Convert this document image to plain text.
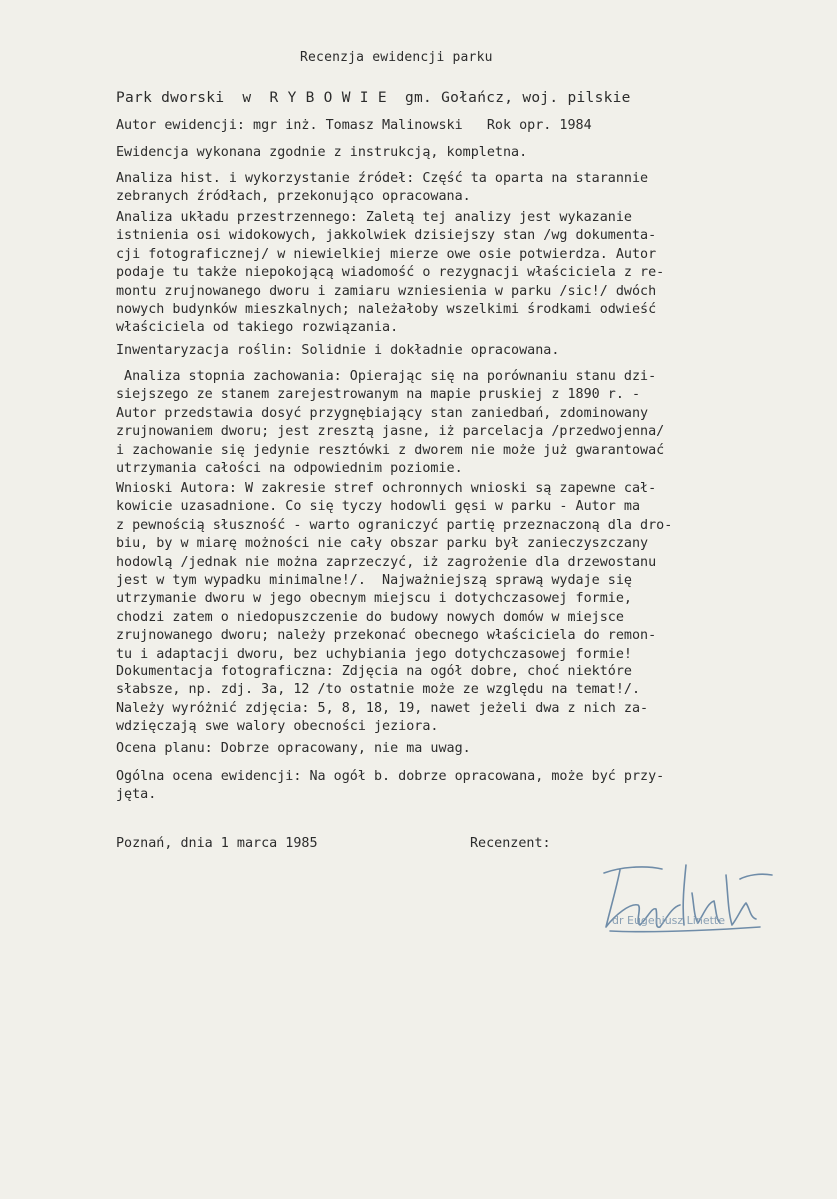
Recenzja ewidencji parku
Park dworski  w  R Y B O W I E  gm. Gołańcz, woj. pilskie
Autor ewidencji: mgr inż. Tomasz Malinowski   Rok opr. 1984
Ewidencja wykonana zgodnie z instrukcją, kompletna.
Analiza hist. i wykorzystanie źródeł: Część ta oparta na starannie
zebranych źródłach, przekonująco opracowana.
Analiza układu przestrzennego: Zaletą tej analizy jest wykazanie
istnienia osi widokowych, jakkolwiek dzisiejszy stan /wg dokumenta-
cji fotograficznej/ w niewielkiej mierze owe osie potwierdza. Autor
podaje tu także niepokojącą wiadomość o rezygnacji właściciela z re-
montu zrujnowanego dworu i zamiaru wzniesienia w parku /sic!/ dwóch
nowych budynków mieszkalnych; należałoby wszelkimi środkami odwieść
właściciela od takiego rozwiązania.
Inwentaryzacja roślin: Solidnie i dokładnie opracowana.
Analiza stopnia zachowania: Opierając się na porównaniu stanu dzi-
siejszego ze stanem zarejestrowanym na mapie pruskiej z 1890 r. -
Autor przedstawia dosyć przygnębiający stan zaniedbań, zdominowany
zrujnowaniem dworu; jest zresztą jasne, iż parcelacja /przedwojenna/
i zachowanie się jedynie resztówki z dworem nie może już gwarantować
utrzymania całości na odpowiednim poziomie.
Wnioski Autora: W zakresie stref ochronnych wnioski są zapewne cał-
kowicie uzasadnione. Co się tyczy hodowli gęsi w parku - Autor ma
z pewnością słuszność - warto ograniczyć partię przeznaczoną dla dro-
biu, by w miarę możności nie cały obszar parku był zanieczyszczany
hodowlą /jednak nie można zaprzeczyć, iż zagrożenie dla drzewostanu
jest w tym wypadku minimalne!/.  Najważniejszą sprawą wydaje się
utrzymanie dworu w jego obecnym miejscu i dotychczasowej formie,
chodzi zatem o niedopuszczenie do budowy nowych domów w miejsce
zrujnowanego dworu; należy przekonać obecnego właściciela do remon-
tu i adaptacji dworu, bez uchybiania jego dotychczasowej formie!
Dokumentacja fotograficzna: Zdjęcia na ogół dobre, choć niektóre
słabsze, np. zdj. 3a, 12 /to ostatnie może ze względu na temat!/.
Należy wyróżnić zdjęcia: 5, 8, 18, 19, nawet jeżeli dwa z nich za-
wdzięczają swe walory obecności jeziora.
Ocena planu: Dobrze opracowany, nie ma uwag.
Ogólna ocena ewidencji: Na ogół b. dobrze opracowana, może być przy-
jęta.
Poznań, dnia 1 marca 1985	Recenzent:
dr Eugeniusz Linette
